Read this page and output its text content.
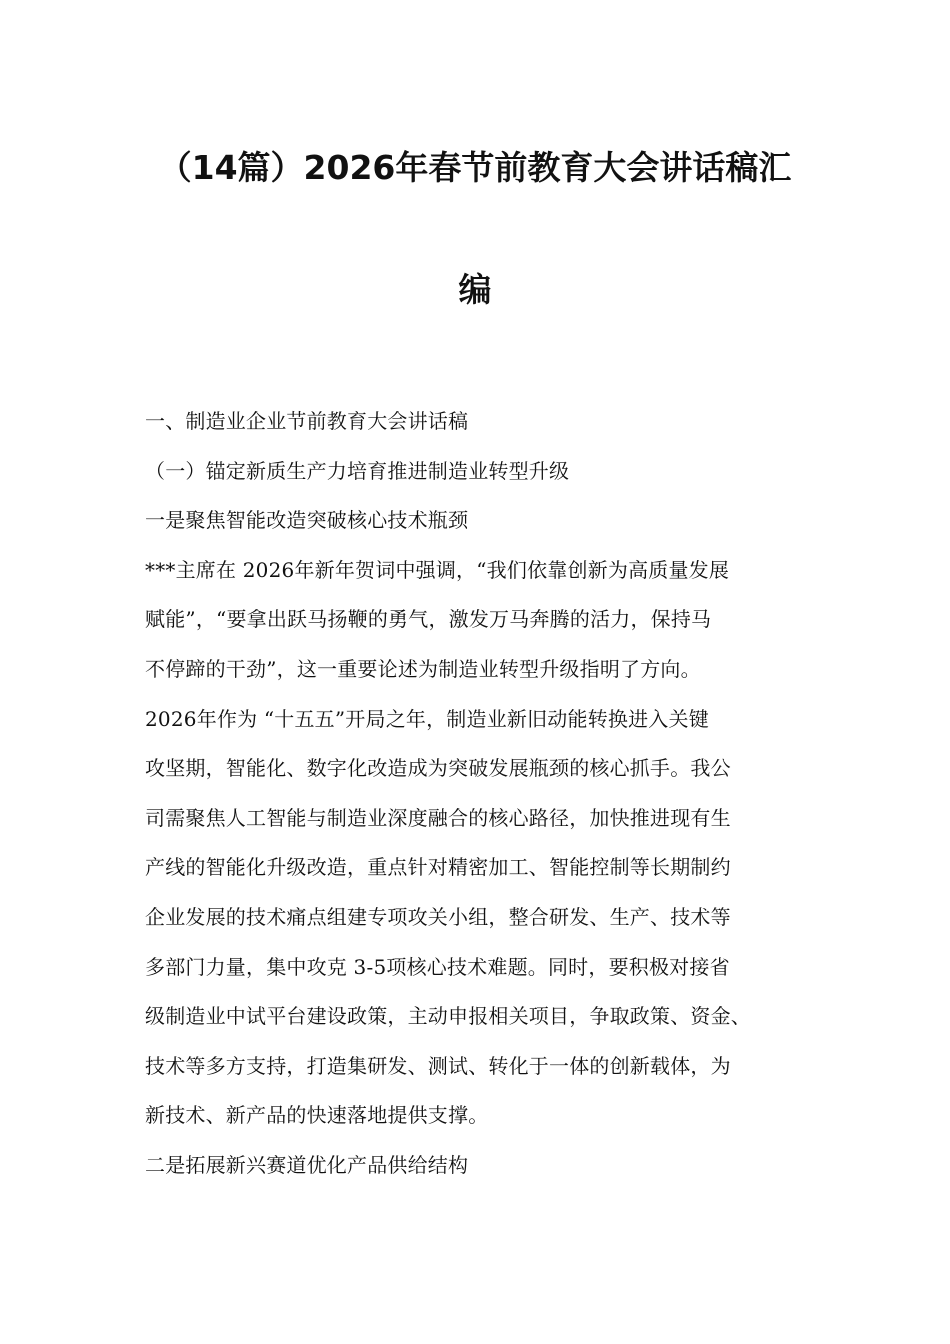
（14篇）2026年春节前教育大会讲话稿汇
编
一、制造业企业节前教育大会讲话稿
（一）锚定新质生产力培育推进制造业转型升级
一是聚焦智能改造突破核心技术瓶颈
***主席在 2026年新年贺词中强调，“我们依靠创新为高质量发展
赋能”，“要拿出跃马扬鞭的勇气，激发万马奔腾的活力，保持马
不停蹄的干劲”，这一重要论述为制造业转型升级指明了方向。
2026年作为 “十五五”开局之年，制造业新旧动能转换进入关键
攻坚期，智能化、数字化改造成为突破发展瓶颈的核心抓手。我公
司需聚焦人工智能与制造业深度融合的核心路径，加快推进现有生
产线的智能化升级改造，重点针对精密加工、智能控制等长期制约
企业发展的技术痛点组建专项攻关小组，整合研发、生产、技术等
多部门力量，集中攻克 3-5项核心技术难题。同时，要积极对接省
级制造业中试平台建设政策，主动申报相关项目，争取政策、资金、
技术等多方支持，打造集研发、测试、转化于一体的创新载体，为
新技术、新产品的快速落地提供支撑。
二是拓展新兴赛道优化产品供给结构
